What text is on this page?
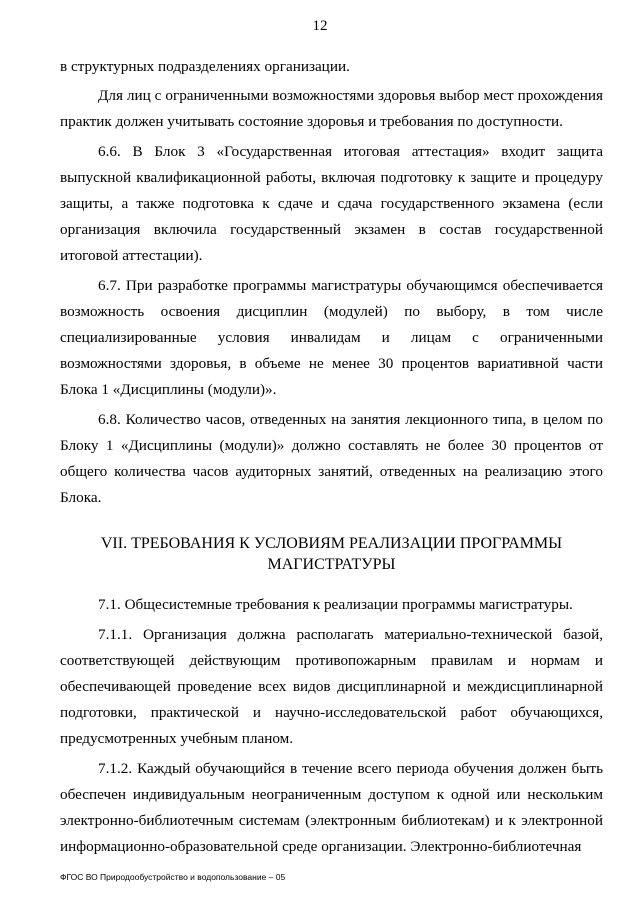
12

в структурных подразделениях организации.

Для лиц с ограниченными возможностями здоровья выбор мест прохождения практик должен учитывать состояние здоровья и требования по доступности.

6.6. В Блок 3 «Государственная итоговая аттестация» входит защита выпускной квалификационной работы, включая подготовку к защите и процедуру защиты, а также подготовка к сдаче и сдача государственного экзамена (если организация включила государственный экзамен в состав государственной итоговой аттестации).

6.7. При разработке программы магистратуры обучающимся обеспечивается возможность освоения дисциплин (модулей) по выбору, в том числе специализированные условия инвалидам и лицам с ограниченными возможностями здоровья, в объеме не менее 30 процентов вариативной части Блока 1 «Дисциплины (модули)».

6.8. Количество часов, отведенных на занятия лекционного типа, в целом по Блоку 1 «Дисциплины (модули)» должно составлять не более 30 процентов от общего количества часов аудиторных занятий, отведенных на реализацию этого Блока.

VII. ТРЕБОВАНИЯ К УСЛОВИЯМ РЕАЛИЗАЦИИ ПРОГРАММЫ
МАГИСТРАТУРЫ

7.1. Общесистемные требования к реализации программы магистратуры.

7.1.1. Организация должна располагать материально-технической базой, соответствующей действующим противопожарным правилам и нормам и обеспечивающей проведение всех видов дисциплинарной и междисциплинарной подготовки, практической и научно-исследовательской работ обучающихся, предусмотренных учебным планом.

7.1.2. Каждый обучающийся в течение всего периода обучения должен быть обеспечен индивидуальным неограниченным доступом к одной или нескольким электронно-библиотечным системам (электронным библиотекам) и к электронной информационно-образовательной среде организации. Электронно-библиотечная

ФГОС ВО Природообустройство и водопользование – 05
